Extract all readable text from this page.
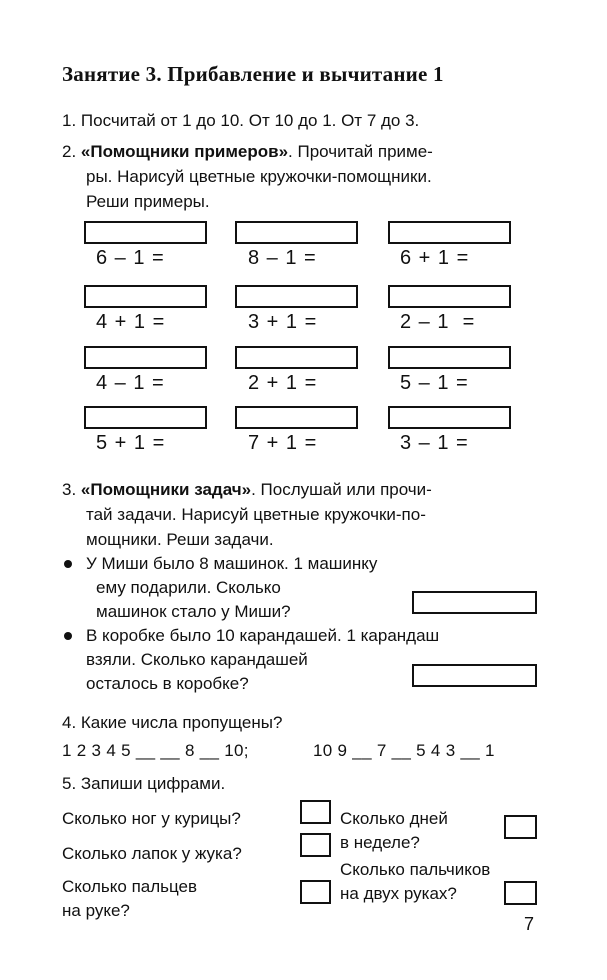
Занятие 3. Прибавление и вычитание 1
1. Посчитай от 1 до 10. От 10 до 1. От 7 до 3.
2. «Помощники примеров». Прочитай приме-
ры. Нарисуй цветные кружочки-помощники.
Реши примеры.
6 – 1 =	8 – 1 =	6 + 1 =
4 + 1 =	3 + 1 =	2 – 1  =
4 – 1 =	2 + 1 =	5 – 1 =
5 + 1 =	7 + 1 =	3 – 1 =
3. «Помощники задач». Послушай или прочи-
тай задачи. Нарисуй цветные кружочки-по-
мощники. Реши задачи.
У Миши было 8 машинок. 1 машинку
ему подарили. Сколько
машинок стало у Миши?
В коробке было 10 карандашей. 1 карандаш
взяли. Сколько карандашей
осталось в коробке?
4. Какие числа пропущены?
1 2 3 4 5 __ __ 8 __ 10;	10 9 __ 7 __ 5 4 3 __ 1
5. Запиши цифрами.
Сколько ног у курицы?
Сколько лапок у жука?
Сколько пальцев
на руке?
Сколько дней
в неделе?
Сколько пальчиков
на двух руках?
7
